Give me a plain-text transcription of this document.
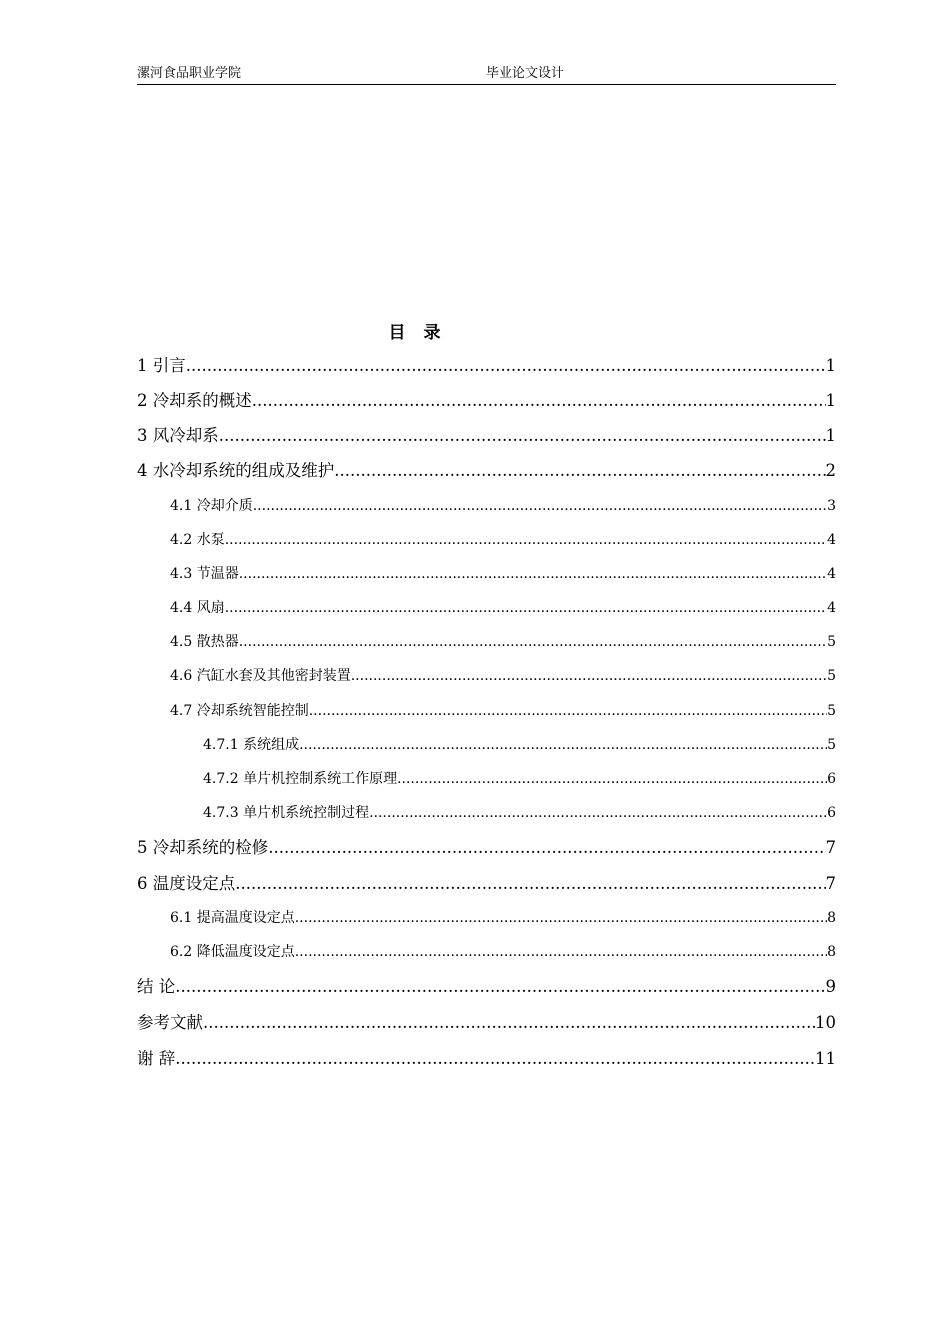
漯河食品职业学院	毕业论文设计
目 录
1 引言 .....	1
2 冷却系的概述 .....	1
3 风冷却系 .....	1
4 水冷却系统的组成及维护 .....	2
4.1 冷却介质 .....	3
4.2 水泵 .....	4
4.3 节温器 .....	4
4.4 风扇 .....	4
4.5 散热器 .....	5
4.6 汽缸水套及其他密封装置 .....	5
4.7 冷却系统智能控制 .....	5
4.7.1 系统组成 .....	5
4.7.2 单片机控制系统工作原理 .....	6
4.7.3 单片机系统控制过程 .....	6
5 冷却系统的检修 .....	7
6 温度设定点 .....	7
6.1 提高温度设定点 .....	8
6.2 降低温度设定点 .....	8
结 论 .....	9
参考文献 .....	10
谢 辞 .....	11
